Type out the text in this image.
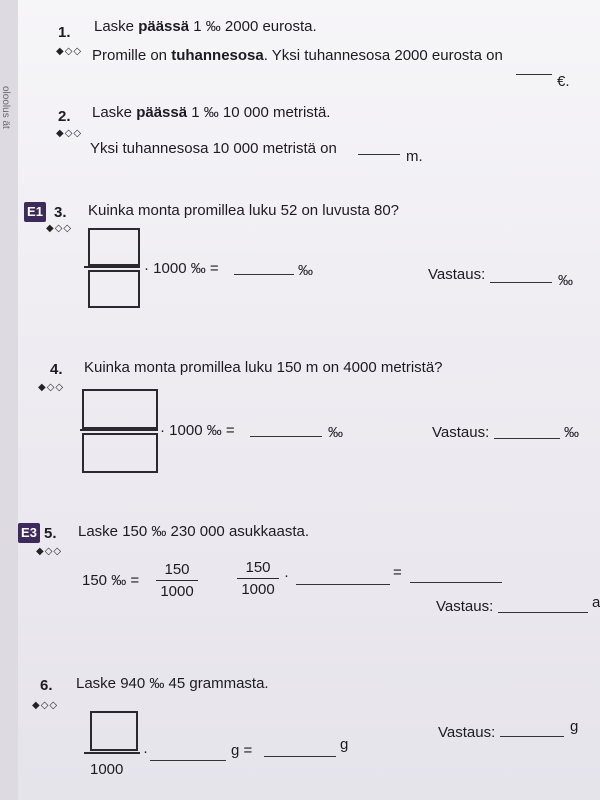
oloolus ät
1. Laske päässä 1 ‰ 2000 eurosta.
◆◇◇ Promille on tuhannesosa. Yksi tuhannesosa 2000 eurosta on
€.
2. Laske päässä 1 ‰ 10 000 metristä.
◆◇◇
Yksi tuhannesosa 10 000 metristä on	m.
E1 3. Kuinka monta promillea luku 52 on luvusta 80?
◆◇◇
· 1000 ‰ =	‰	Vastaus:	‰
4. Kuinka monta promillea luku 150 m on 4000 metristä?
◆◇◇
· 1000 ‰ =	‰	Vastaus:	‰
E3 5. Laske 150 ‰ 230 000 asukkaasta.
◆◇◇
150 ‰ =
150
1000
150
1000
·	=
Vastaus:	a
6. Laske 940 ‰ 45 grammasta.
◆◇◇
1000
·	g =	g
Vastaus:	g
